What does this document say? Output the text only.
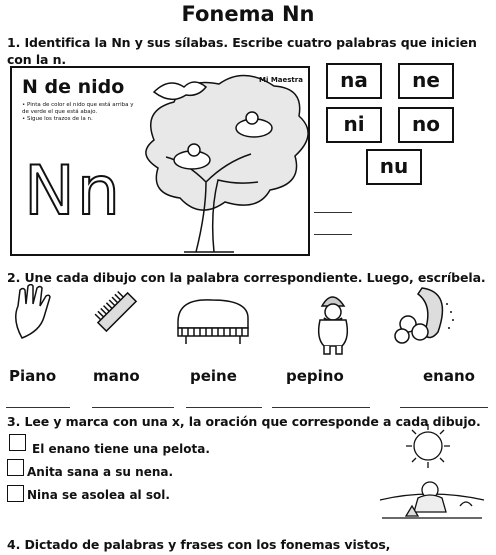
Fonema Nn
1. Identifica la Nn y sus sílabas. Escribe cuatro palabras que inicien con la n.
N de nido
• Pinta de color el nido que está arriba y de verde el que está abajo.
• Sigue los trazos de la n.
Nn
Mi Maestra	na	ne
ni	no
nu
2. Une cada dibujo con la palabra correspondiente. Luego, escríbela.
Piano mano	peine	pepino	enano
3. Lee y marca con una x, la oración que corresponde a cada dibujo.
El enano tiene una pelota.
Anita sana a su nena.
Nina se asolea al sol.
4. Dictado de palabras y frases con los fonemas vistos,
